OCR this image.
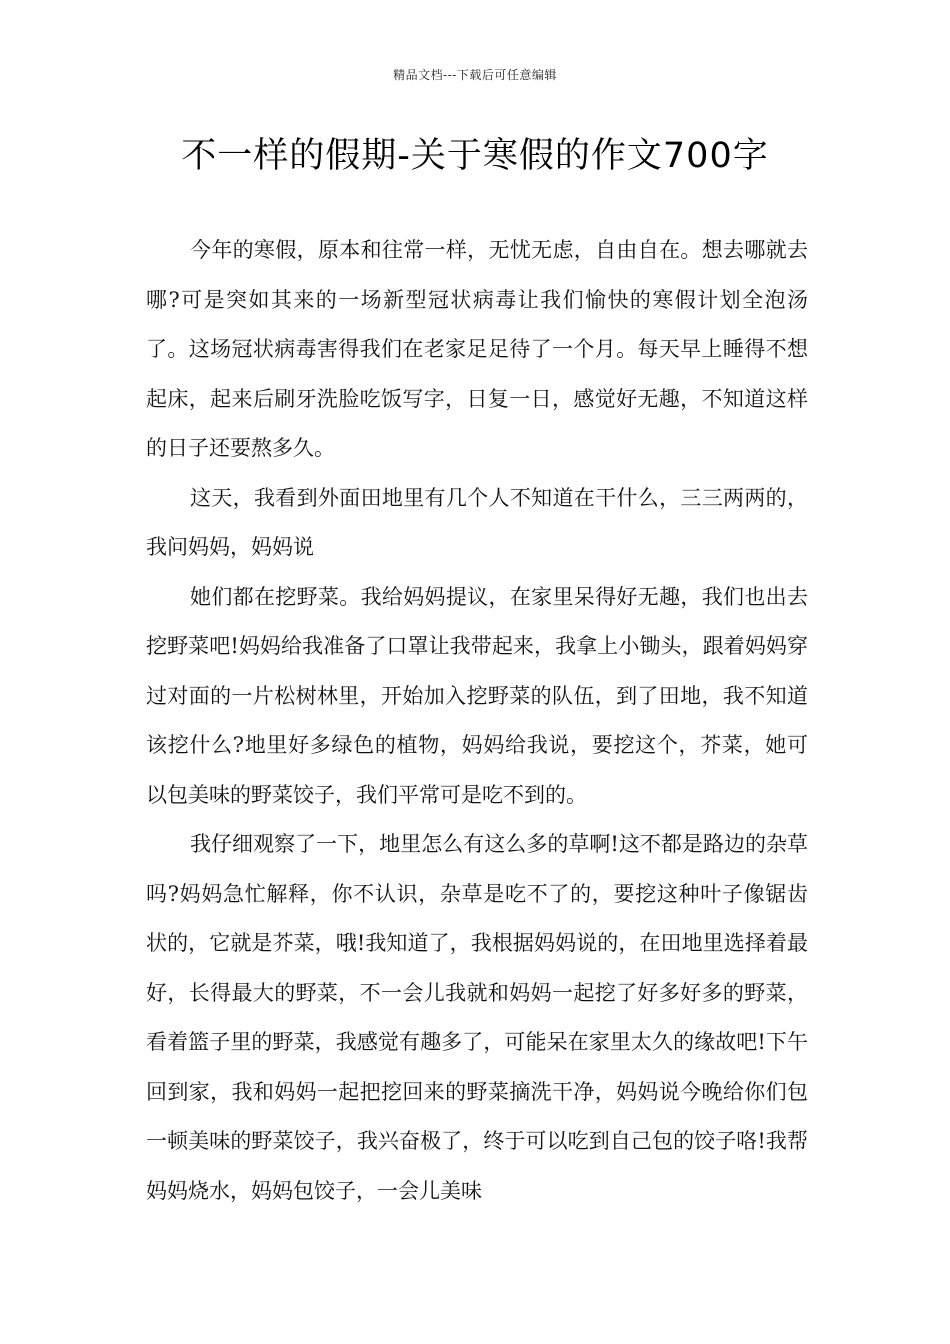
精品文档---下载后可任意编辑
不一样的假期-关于寒假的作文700字

今年的寒假，原本和往常一样，无忧无虑，自由自在。想去哪就去哪?可是突如其来的一场新型冠状病毒让我们愉快的寒假计划全泡汤了。这场冠状病毒害得我们在老家足足待了一个月。每天早上睡得不想起床，起来后刷牙洗脸吃饭写字，日复一日，感觉好无趣，不知道这样的日子还要熬多久。

这天，我看到外面田地里有几个人不知道在干什么，三三两两的，我问妈妈，妈妈说

她们都在挖野菜。我给妈妈提议，在家里呆得好无趣，我们也出去挖野菜吧!妈妈给我准备了口罩让我带起来，我拿上小锄头，跟着妈妈穿过对面的一片松树林里，开始加入挖野菜的队伍，到了田地，我不知道该挖什么?地里好多绿色的植物，妈妈给我说，要挖这个，芥菜，她可以包美味的野菜饺子，我们平常可是吃不到的。

我仔细观察了一下，地里怎么有这么多的草啊!这不都是路边的杂草吗?妈妈急忙解释，你不认识，杂草是吃不了的，要挖这种叶子像锯齿状的，它就是芥菜，哦!我知道了，我根据妈妈说的，在田地里选择着最好，长得最大的野菜，不一会儿我就和妈妈一起挖了好多好多的野菜，看着篮子里的野菜，我感觉有趣多了，可能呆在家里太久的缘故吧!下午回到家，我和妈妈一起把挖回来的野菜摘洗干净，妈妈说今晚给你们包一顿美味的野菜饺子，我兴奋极了，终于可以吃到自己包的饺子咯!我帮妈妈烧水，妈妈包饺子，一会儿美味
